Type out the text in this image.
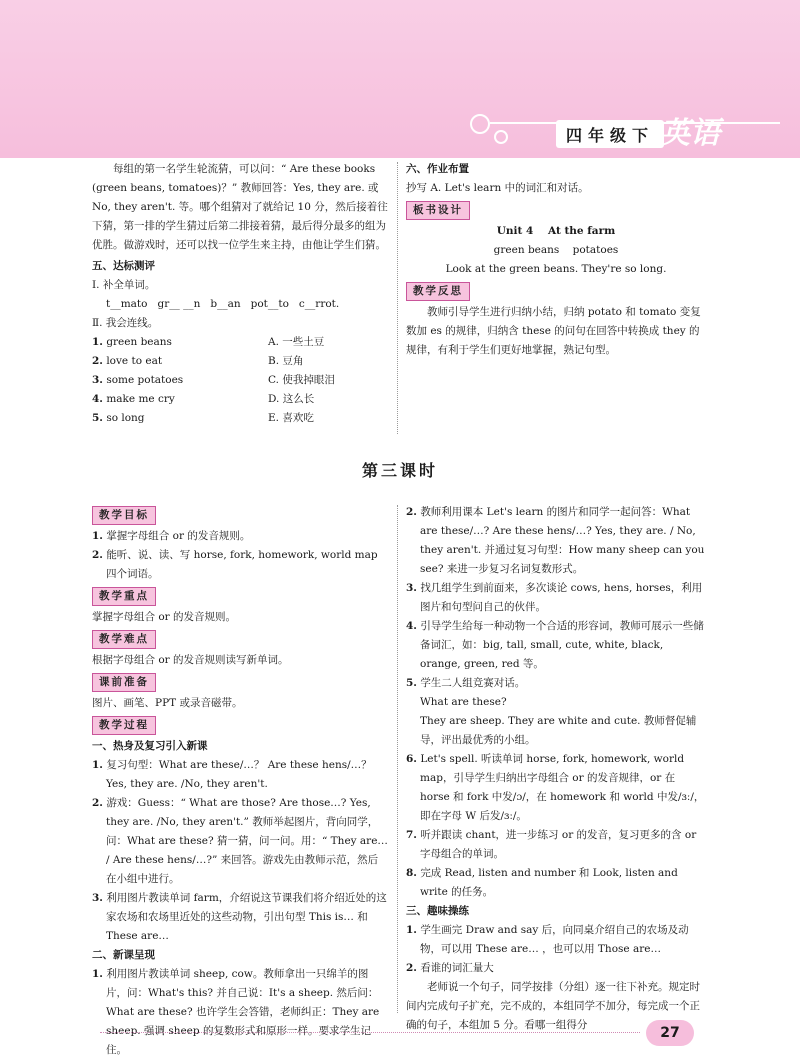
四年级下 英语

每组的第一名学生轮流猜，可以问：“ Are these books (green beans, tomatoes)？” 教师回答：Yes, they are. 或 No, they aren't. 等。哪个组猜对了就给记 10 分，然后接着往下猜，第一排的学生猜过后第二排接着猜，最后得分最多的组为优胜。做游戏时，还可以找一位学生来主持，由他让学生们猜。

五、达标测评

Ⅰ. 补全单词。

t__mato   gr__ __n   b__an   pot__to   c__rrot.

Ⅱ. 我会连线。

1. green beans	A. 一些土豆
2. love to eat	B. 豆角
3. some potatoes	C. 使我掉眼泪
4. make me cry	D. 这么长
5. so long	E. 喜欢吃

六、作业布置

抄写 A. Let's learn 中的词汇和对话。

板书设计

Unit 4    At the farm

green beans    potatoes

Look at the green beans. They're so long.

教学反思

教师引导学生进行归纳小结，归纳 potato 和 tomato 变复数加 es 的规律，归纳含 these 的问句在回答中转换成 they 的规律，有利于学生们更好地掌握，熟记句型。

第三课时
教学目标

1. 掌握字母组合 or 的发音规则。

2. 能听、说、读、写 horse, fork, homework, world map 四个词语。

教学重点

掌握字母组合 or 的发音规则。

教学难点

根据字母组合 or 的发音规则读写新单词。

课前准备

图片、画笔、PPT 或录音磁带。

教学过程

一、热身及复习引入新课

1. 复习句型：What are these/…？ Are these hens/…？ Yes, they are. /No, they aren't.

2. 游戏：Guess：“ What are those? Are those…? Yes, they are. /No, they aren't.” 教师举起图片，背向同学，问：What are these? 猜一猜，问一问。用：“ They are… / Are these hens/…?” 来回答。游戏先由教师示范，然后在小组中进行。

3. 利用图片教读单词 farm，介绍说这节课我们将介绍近处的这家农场和农场里近处的这些动物，引出句型 This is… 和 These are…

二、新课呈现

1. 利用图片教读单词 sheep, cow。教师拿出一只绵羊的图片，问：What's this? 并自己说：It's a sheep. 然后问：What are these? 也许学生会答错，老师纠正：They are sheep. 强调 sheep 的复数形式和原形一样。要求学生记住。

2. 教师利用课本 Let's learn 的图片和同学一起问答：What are these/…? Are these hens/…? Yes, they are. / No, they aren't. 并通过复习句型：How many sheep can you see? 来进一步复习名词复数形式。

3. 找几组学生到前面来，多次谈论 cows, hens, horses，利用图片和句型问自己的伙伴。

4. 引导学生给每一种动物一个合适的形容词，教师可展示一些储备词汇，如：big, tall, small, cute, white, black, orange, green, red 等。

5. 学生二人组竞赛对话。

What are these?

They are sheep. They are white and cute. 教师督促辅导，评出最优秀的小组。

6. Let's spell. 听读单词 horse, fork, homework, world map，引导学生归纳出字母组合 or 的发音规律，or 在 horse 和 fork 中发/ɔ/，在 homework 和 world 中发/ɜː/，即在字母 W 后发/ɜː/。

7. 听并跟读 chant，进一步练习 or 的发音，复习更多的含 or 字母组合的单词。

8. 完成 Read, listen and number 和 Look, listen and write 的任务。

三、趣味操练

1. 学生画完 Draw and say 后，向同桌介绍自己的农场及动物，可以用 These are… ，也可以用 Those are…

2. 看谁的词汇量大

老师说一个句子，同学按排（分组）逐一往下补充。规定时间内完成句子扩充，完不成的，本组同学不加分，每完成一个正确的句子，本组加 5 分。看哪一组得分	27
